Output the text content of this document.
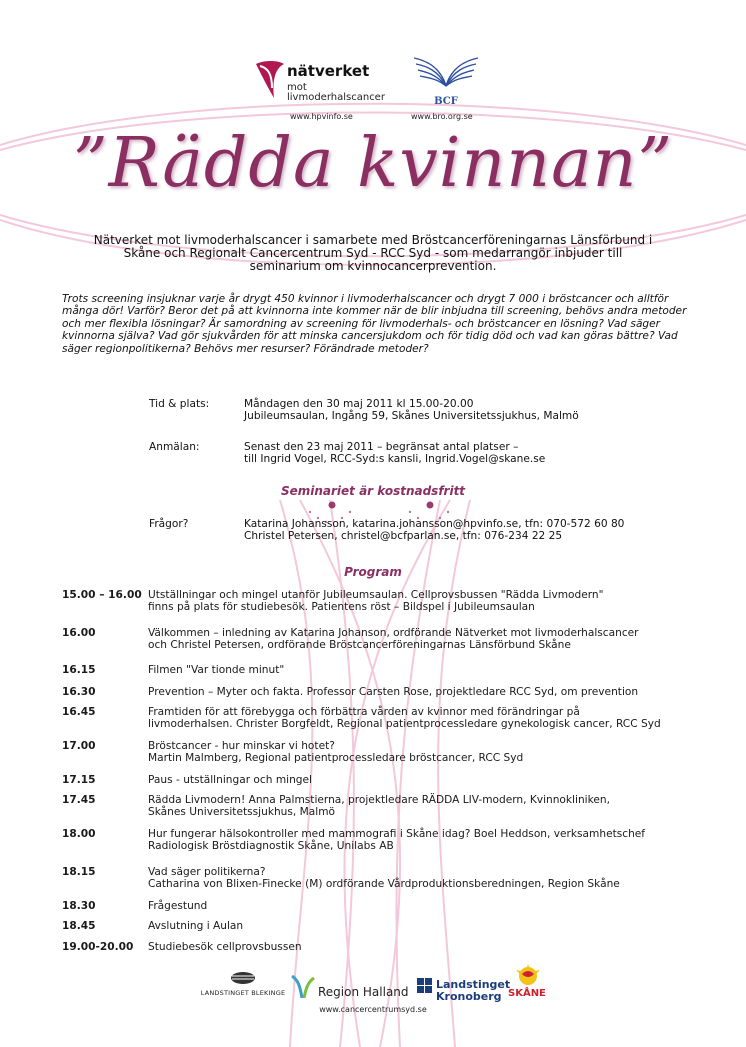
nätverket
mot
livmoderhalscancer
www.hpvinfo.se
BCF
www.bro.org.se
”Rädda kvinnan”
Nätverket mot livmoderhalscancer i samarbete med Bröstcancerföreningarnas Länsförbund i Skåne och Regionalt Cancercentrum Syd - RCC Syd - som medarrangör inbjuder till seminarium om kvinnocancerprevention.
Trots screening insjuknar varje år drygt 450 kvinnor i livmoderhalscancer och drygt 7 000 i bröstcancer och alltför många dör! Varför? Beror det på att kvinnorna inte kommer när de blir inbjudna till screening, behövs andra metoder och mer flexibla lösningar? Är samordning av screening för livmoderhals- och bröstcancer en lösning? Vad säger kvinnorna själva? Vad gör sjukvården för att minska cancersjukdom och för tidig död och vad kan göras bättre? Vad säger regionpolitikerna? Behövs mer resurser? Förändrade metoder?
Tid & plats:	Måndagen den 30 maj 2011 kl 15.00-20.00
Jubileumsaulan, Ingång 59, Skånes Universitetssjukhus, Malmö
Anmälan:	Senast den 23 maj 2011 – begränsat antal platser –
till Ingrid Vogel, RCC-Syd:s kansli, Ingrid.Vogel@skane.se
Seminariet är kostnadsfritt
Frågor?	Katarina Johansson, katarina.johansson@hpvinfo.se, tfn: 070-572 60 80
Christel Petersen, christel@bcfparlan.se, tfn: 076-234 22 25
Program
15.00 – 16.00 Utställningar och mingel utanför Jubileumsaulan. Cellprovsbussen "Rädda Livmodern"
finns på plats för studiebesök. Patientens röst – Bildspel i Jubileumsaulan
16.00	Välkommen – inledning av Katarina Johanson, ordförande Nätverket mot livmoderhalscancer
och Christel Petersen, ordförande Bröstcancerföreningarnas Länsförbund Skåne
16.15	Filmen "Var tionde minut"
16.30	Prevention – Myter och fakta. Professor Carsten Rose, projektledare RCC Syd, om prevention
16.45	Framtiden för att förebygga och förbättra vården av kvinnor med förändringar på
livmoderhalsen. Christer Borgfeldt, Regional patientprocessledare gynekologisk cancer, RCC Syd
17.00	Bröstcancer - hur minskar vi hotet?
Martin Malmberg, Regional patientprocessledare bröstcancer, RCC Syd
17.15	Paus - utställningar och mingel
17.45	Rädda Livmodern! Anna Palmstierna, projektledare RÄDDA LIV-modern, Kvinnokliniken,
Skånes Universitetssjukhus, Malmö
18.00	Hur fungerar hälsokontroller med mammografi i Skåne idag? Boel Heddson, verksamhetschef
Radiologisk Bröstdiagnostik Skåne, Unilabs AB
18.15	Vad säger politikerna?
Catharina von Blixen-Finecke (M) ordförande Vårdproduktionsberedningen, Region Skåne
18.30	Frågestund
18.45	Avslutning i Aulan
19.00-20.00	Studiebesök cellprovsbussen
LANDSTINGET BLEKINGE	Region Halland
Landstinget
Kronoberg SKÅNE
www.cancercentrumsyd.se
